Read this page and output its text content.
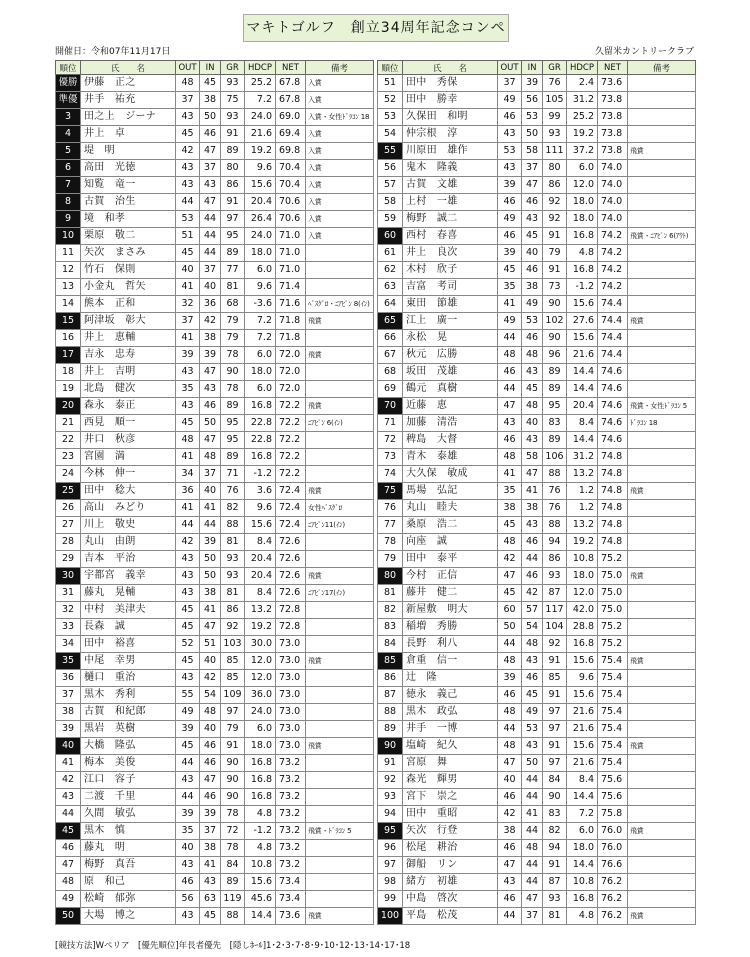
マキトゴルフ　創立34周年記念コンペ
開催日：令和07年11月17日	久留米カントリークラブ
順位	氏　　名	OUT	IN	GR	HDCP	NET	備考
優勝	伊藤　正之	48	45	93	25.2	67.8	入賞
準優	井手　祐充	37	38	75	7.2	67.8	入賞
3	田之上　ジーナ	43	50	93	24.0	69.0	入賞・女性ﾄﾞﾗｺﾝ 18
4	井上　卓	45	46	91	21.6	69.4	入賞
5	堤　明	42	47	89	19.2	69.8	入賞
6	高田　光徳	43	37	80	9.6	70.4	入賞
7	知覧　竜一	43	43	86	15.6	70.4	入賞
8	古賀　治生	44	47	91	20.4	70.6	入賞
9	境　和孝	53	44	97	26.4	70.6	入賞
10	栗原　敬二	51	44	95	24.0	71.0	入賞
11	矢次　まさみ	45	44	89	18.0	71.0	
12	竹石　保則	40	37	77	6.0	71.0	
13	小金丸　哲矢	41	40	81	9.6	71.4	
14	熊本　正和	32	36	68	-3.6	71.6	ﾍﾞｽｸﾞﾛ・ﾆｱﾋﾟﾝ 8(ｲﾝ)
15	阿津坂　彰大	37	42	79	7.2	71.8	飛賞
16	井上　恵輔	41	38	79	7.2	71.8	
17	吉永　忠寿	39	39	78	6.0	72.0	飛賞
18	井上　吉明	43	47	90	18.0	72.0	
19	北島　健次	35	43	78	6.0	72.0	
20	森永　泰正	43	46	89	16.8	72.2	飛賞
21	西見　順一	45	50	95	22.8	72.2	ﾆｱﾋﾟﾝ 6(ｲﾝ)
22	井口　秋彦	48	47	95	22.8	72.2	
23	宮園　満	41	48	89	16.8	72.2	
24	今林　伸一	34	37	71	-1.2	72.2	
25	田中　稔大	36	40	76	3.6	72.4	飛賞
26	高山　みどり	41	41	82	9.6	72.4	女性ﾍﾞｽｸﾞﾛ
27	川上　敬史	44	44	88	15.6	72.4	ﾆｱﾋﾟﾝ11(ｲﾝ)
28	丸山　由朗	42	39	81	8.4	72.6	
29	吉本　平治	43	50	93	20.4	72.6	
30	宇都宮　義幸	43	50	93	20.4	72.6	飛賞
31	藤丸　晃輔	43	38	81	8.4	72.6	ﾆｱﾋﾟﾝ17(ｲﾝ)
32	中村　美津夫	45	41	86	13.2	72.8	
33	長森　誠	45	47	92	19.2	72.8	
34	田中　裕喜	52	51	103	30.0	73.0	
35	中尾　幸男	45	40	85	12.0	73.0	飛賞
36	樋口　重治	43	42	85	12.0	73.0	
37	黒木　秀利	55	54	109	36.0	73.0	
38	古賀　和紀郎	49	48	97	24.0	73.0	
39	黒岩　英樹	39	40	79	6.0	73.0	
40	大橋　隆弘	45	46	91	18.0	73.0	飛賞
41	梅本　美俊	44	46	90	16.8	73.2	
42	江口　容子	43	47	90	16.8	73.2	
43	二渡　千里	44	46	90	16.8	73.2	
44	久間　敏弘	39	39	78	4.8	73.2	
45	黒木　慎	35	37	72	-1.2	73.2	飛賞・ﾄﾞﾗｺﾝ 5
46	藤丸　明	40	38	78	4.8	73.2	
47	梅野　真吾	43	41	84	10.8	73.2	
48	原　和己	46	43	89	15.6	73.4	
49	松崎　郁弥	56	63	119	45.6	73.4	
50	大場　博之	43	45	88	14.4	73.6	飛賞
順位	氏　　名	OUT	IN	GR	HDCP	NET	備考
51	田中　秀保	37	39	76	2.4	73.6	
52	田中　勝幸	49	56	105	31.2	73.8	
53	久保田　和明	46	53	99	25.2	73.8	
54	仲宗根　淳	43	50	93	19.2	73.8	
55	川原田　雄作	53	58	111	37.2	73.8	飛賞
56	鬼木　隆義	43	37	80	6.0	74.0	
57	古賀　文雄	39	47	86	12.0	74.0	
58	上村　一雄	46	46	92	18.0	74.0	
59	梅野　誠二	49	43	92	18.0	74.0	
60	西村　春喜	46	45	91	16.8	74.2	飛賞・ﾆｱﾋﾟﾝ 6(ｱｳﾄ)
61	井上　良次	39	40	79	4.8	74.2	
62	木村　欣子	45	46	91	16.8	74.2	
63	吉富　考司	35	38	73	-1.2	74.2	
64	東田　節雄	41	49	90	15.6	74.4	
65	江上　廣一	49	53	102	27.6	74.4	飛賞
66	永松　晃	44	46	90	15.6	74.4	
67	秋元　広勝	48	48	96	21.6	74.4	
68	坂田　茂雄	46	43	89	14.4	74.6	
69	鶴元　真樹	44	45	89	14.4	74.6	
70	近藤　恵	47	48	95	20.4	74.6	飛賞・女性ﾄﾞﾗｺﾝ 5
71	加藤　清浩	43	40	83	8.4	74.6	ﾄﾞﾗｺﾝ 18
72	稗島　大督	46	43	89	14.4	74.6	
73	青木　泰雄	48	58	106	31.2	74.8	
74	大久保　敏成	41	47	88	13.2	74.8	
75	馬場　弘記	35	41	76	1.2	74.8	飛賞
76	丸山　睦夫	38	38	76	1.2	74.8	
77	桑原　浩二	45	43	88	13.2	74.8	
78	向座　誠	48	46	94	19.2	74.8	
79	田中　泰平	42	44	86	10.8	75.2	
80	今村　正信	47	46	93	18.0	75.0	飛賞
81	藤井　健二	45	42	87	12.0	75.0	
82	新屋敷　明大	60	57	117	42.0	75.0	
83	稲増　秀勝	50	54	104	28.8	75.2	
84	長野　利八	44	48	92	16.8	75.2	
85	倉重　信一	48	43	91	15.6	75.4	飛賞
86	辻　隆	39	46	85	9.6	75.4	
87	徳永　義己	46	45	91	15.6	75.4	
88	黒木　政弘	48	49	97	21.6	75.4	
89	井手　一博	44	53	97	21.6	75.4	
90	塩崎　紀久	48	43	91	15.6	75.4	飛賞
91	宮原　舞	47	50	97	21.6	75.4	
92	森光　輝男	40	44	84	8.4	75.6	
93	宮下　崇之	46	44	90	14.4	75.6	
94	田中　重昭	42	41	83	7.2	75.8	
95	矢次　行登	38	44	82	6.0	76.0	飛賞
96	松尾　耕治	46	48	94	18.0	76.0	
97	御船　リン	47	44	91	14.4	76.6	
98	緒方　初雄	43	44	87	10.8	76.2	
99	中島　啓次	46	47	93	16.8	76.2	
100	平島　松茂	44	37	81	4.8	76.2	飛賞
[競技方法]Wペリア　[優先順位]年長者優先　[隠しﾎｰﾙ]1･2･3･7･8･9･10･12･13･14･17･18
